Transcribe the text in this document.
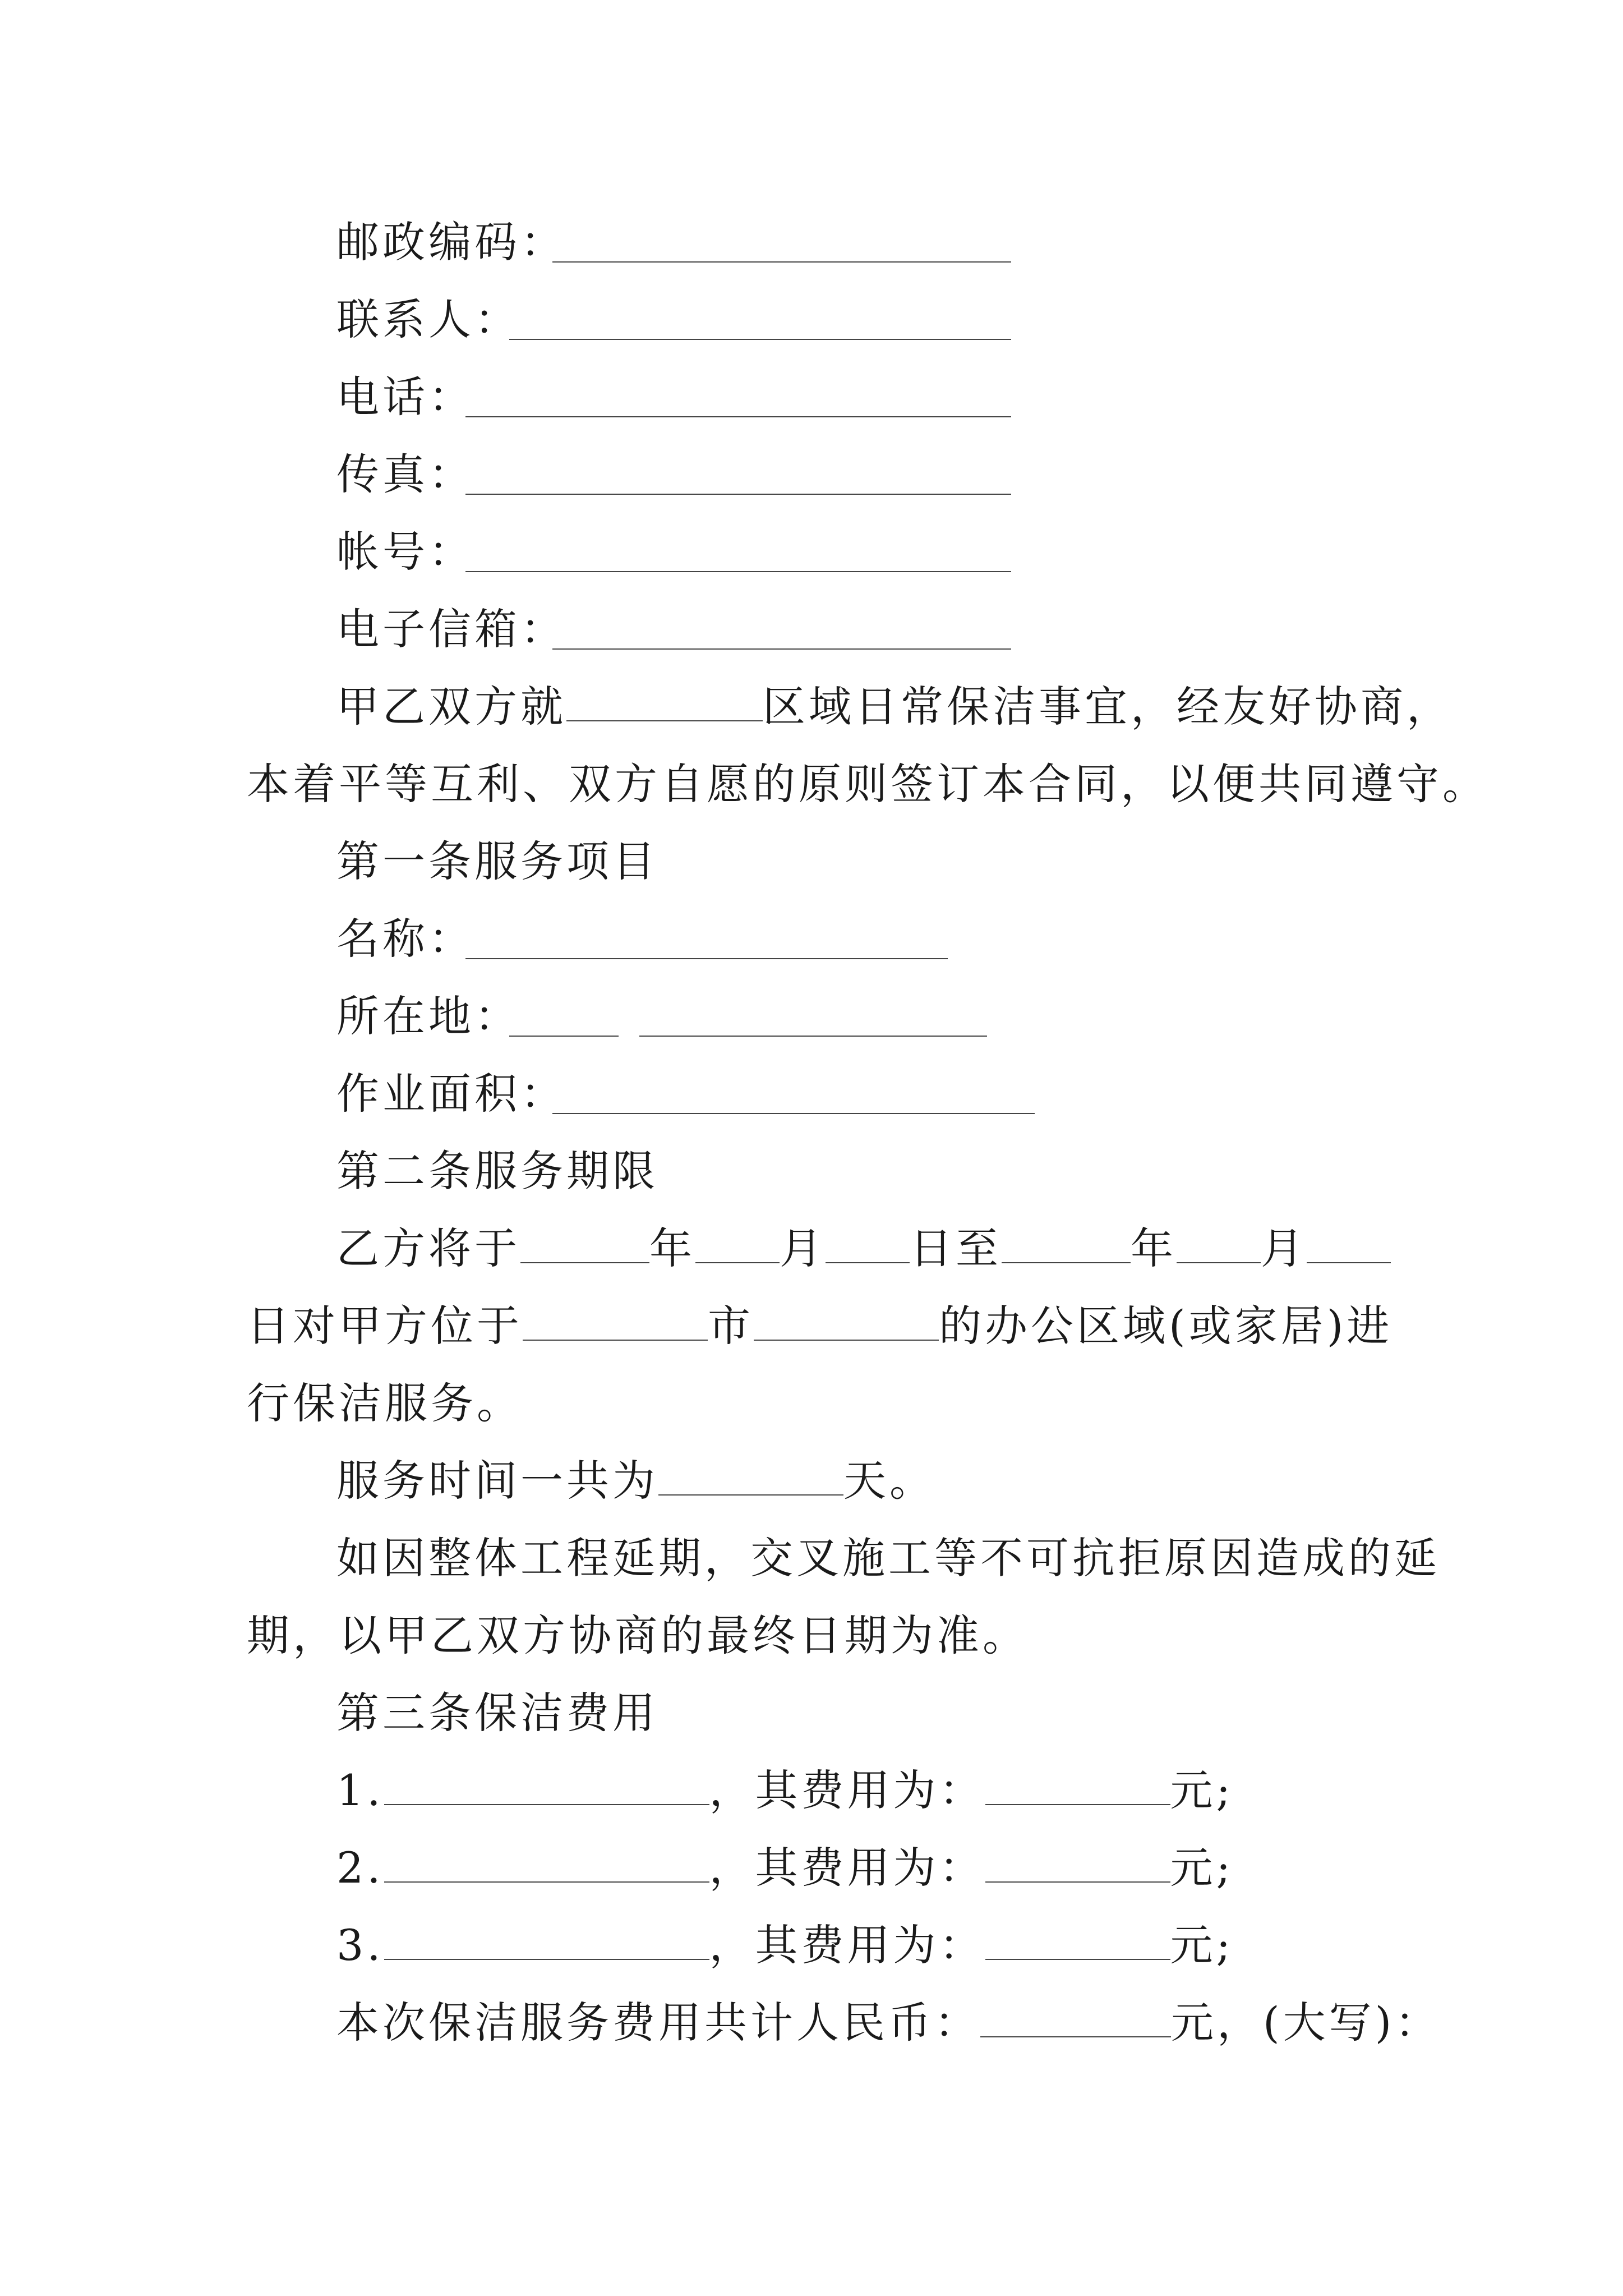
邮政编码：
联系人：
电话：
传真：
帐号：
电子信箱：
甲乙双方就	区域日常保洁事宜，经友好协商，
本着平等互利、双方自愿的原则签订本合同，以便共同遵守。
第一条服务项目
名称：
所在地：
作业面积：
第二条服务期限
乙方将于	年 月 日至	年 月
日对甲方位于	市	的办公区域(或家居)进
行保洁服务。
服务时间一共为	天。
如因整体工程延期，交叉施工等不可抗拒原因造成的延
期，以甲乙双方协商的最终日期为准。
第三条保洁费用
1.	，其费用为：	元;
2.	，其费用为：	元;
3.	，其费用为：	元;
本次保洁服务费用共计人民币：	元，(大写)：
